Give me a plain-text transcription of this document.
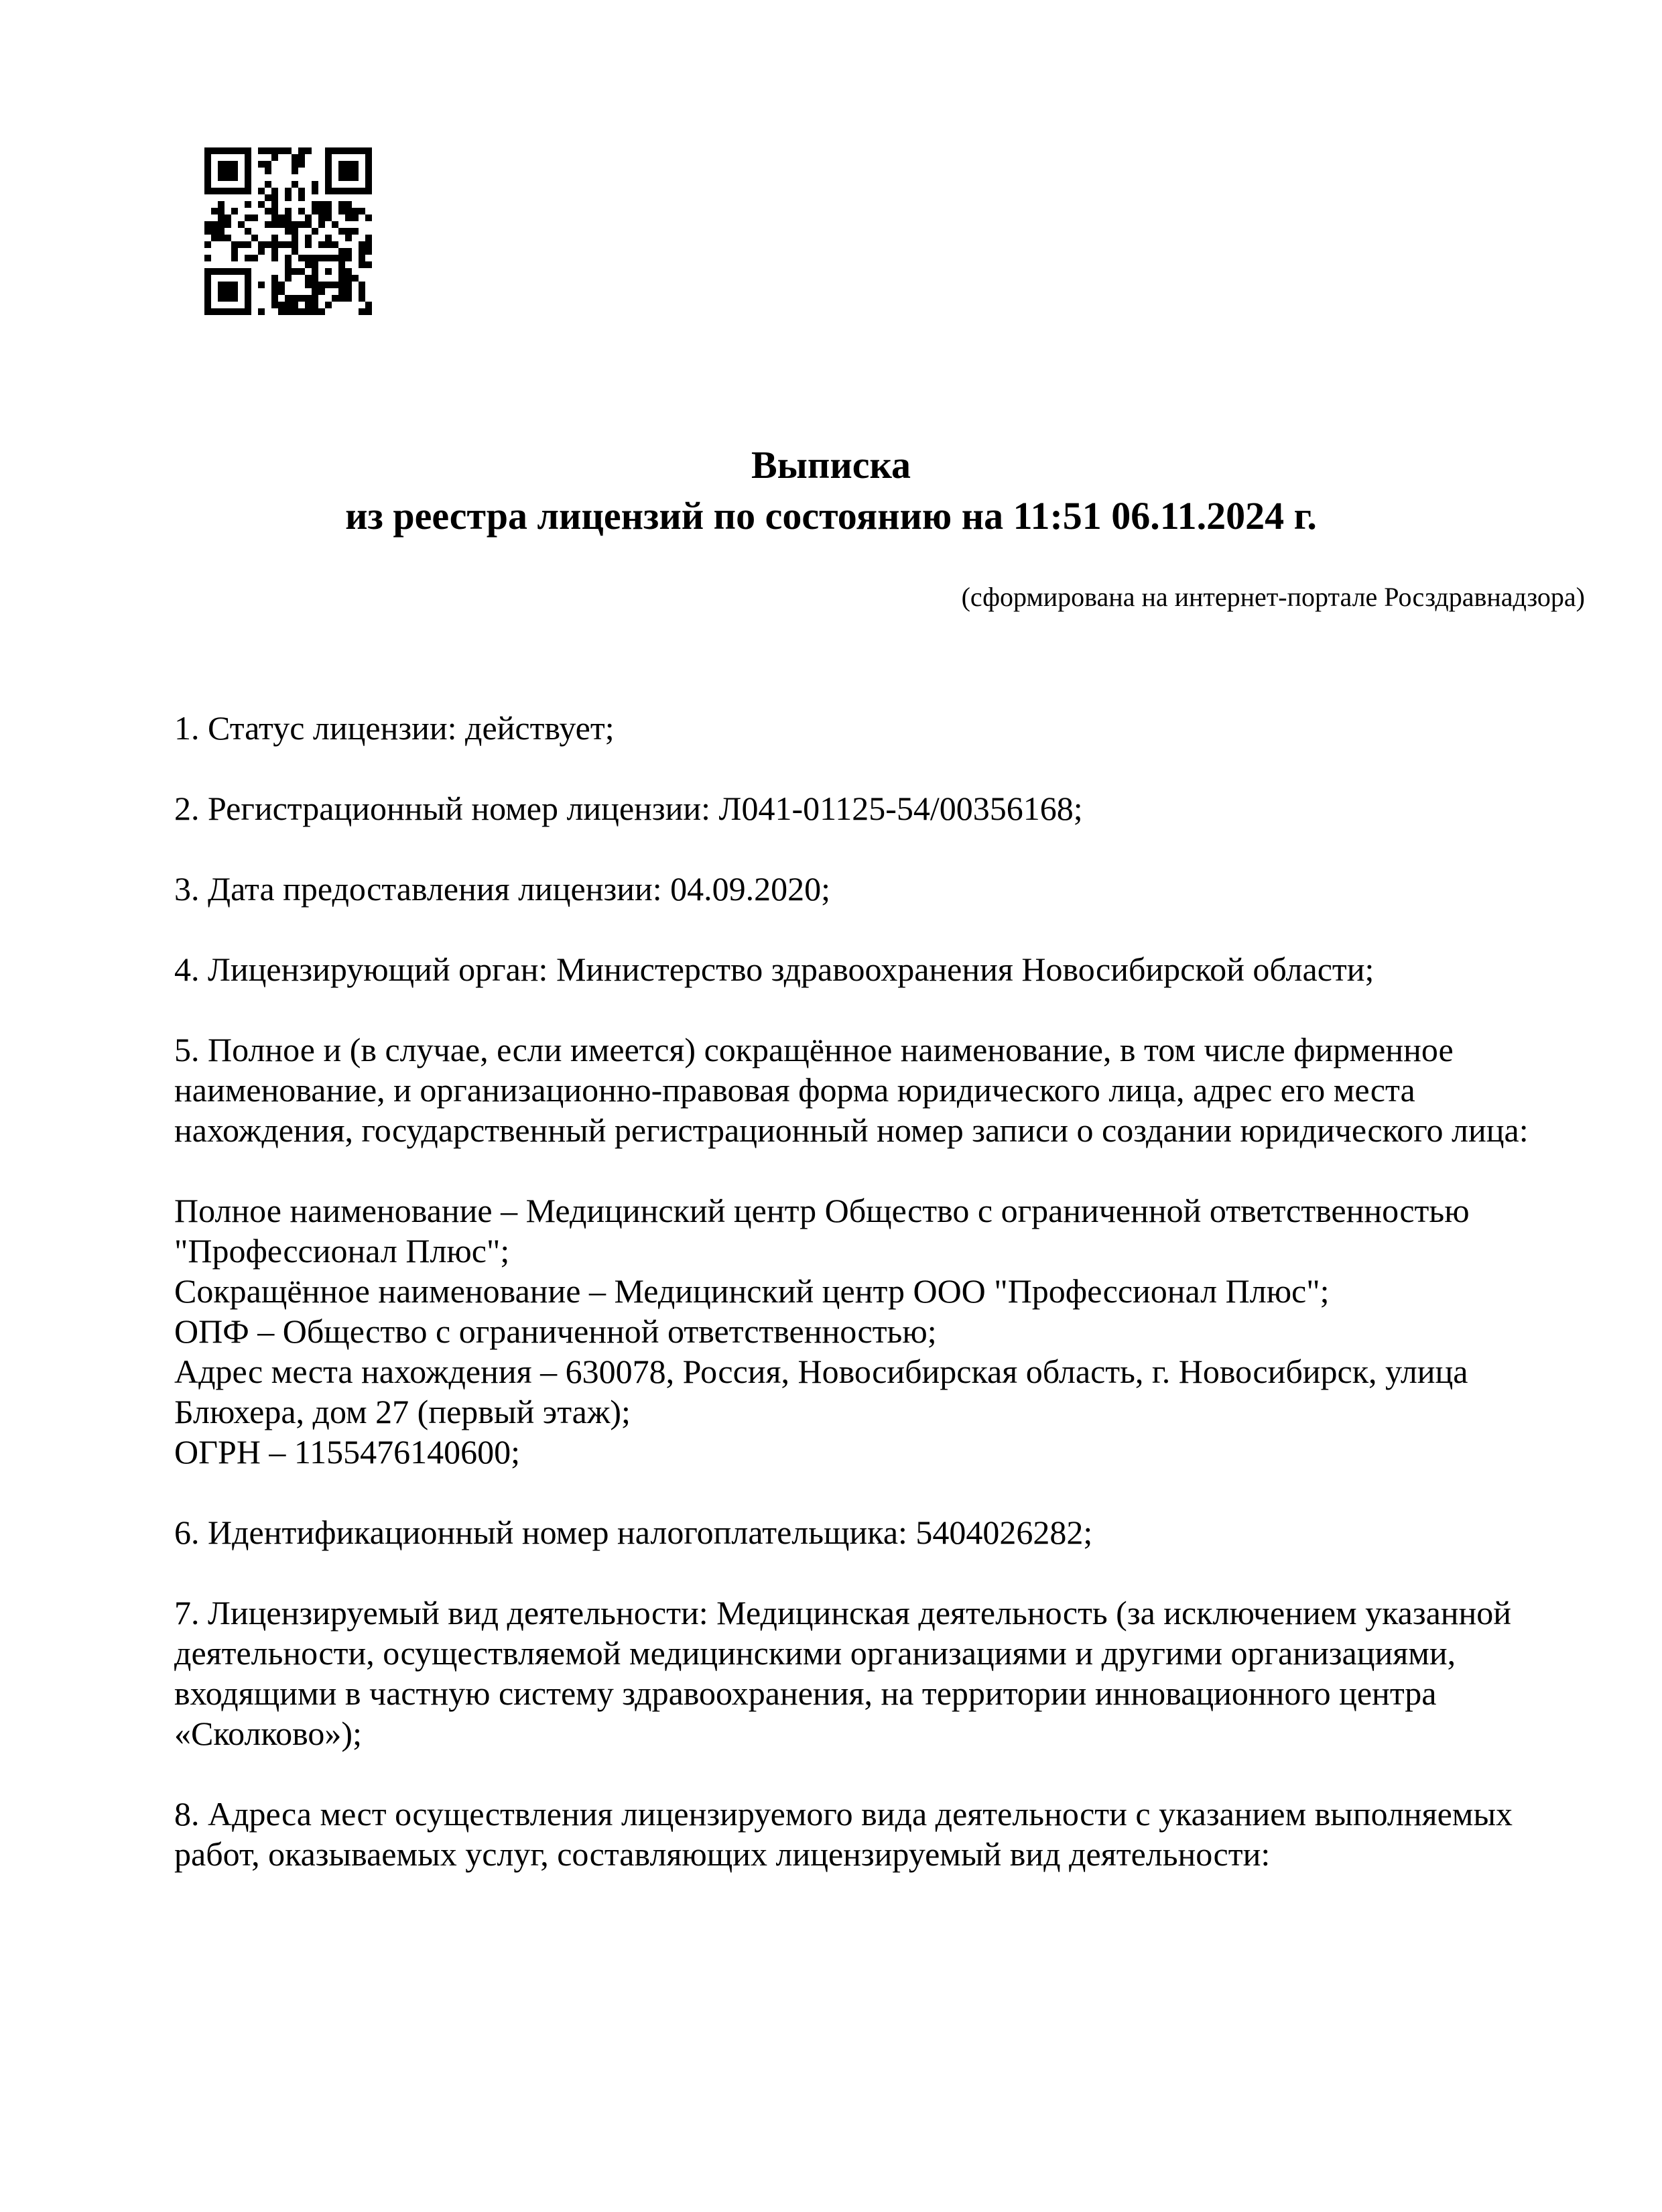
Выписка
из реестра лицензий по состоянию на 11:51 06.11.2024 г.
(сформирована на интернет-портале Росздравнадзора)
1. Статус лицензии: действует;
2. Регистрационный номер лицензии: Л041-01125-54/00356168;
3. Дата предоставления лицензии: 04.09.2020;
4. Лицензирующий орган: Министерство здравоохранения Новосибирской области;
5. Полное и (в случае, если имеется) сокращённое наименование, в том числе фирменное наименование, и организационно-правовая форма юридического лица, адрес его места нахождения, государственный регистрационный номер записи о создании юридического лица:
Полное наименование – Медицинский центр Общество с ограниченной ответственностью "Профессионал Плюс";
Сокращённое наименование – Медицинский центр ООО "Профессионал Плюс";
ОПФ – Общество с ограниченной ответственностью;
Адрес места нахождения – 630078, Россия, Новосибирская область, г. Новосибирск, улица Блюхера, дом 27 (первый этаж);
ОГРН – 1155476140600;
6. Идентификационный номер налогоплательщика: 5404026282;
7. Лицензируемый вид деятельности: Медицинская деятельность (за исключением указанной деятельности, осуществляемой медицинскими организациями и другими организациями, входящими в частную систему здравоохранения, на территории инновационного центра «Сколково»);
8. Адреса мест осуществления лицензируемого вида деятельности с указанием выполняемых работ, оказываемых услуг, составляющих лицензируемый вид деятельности:
